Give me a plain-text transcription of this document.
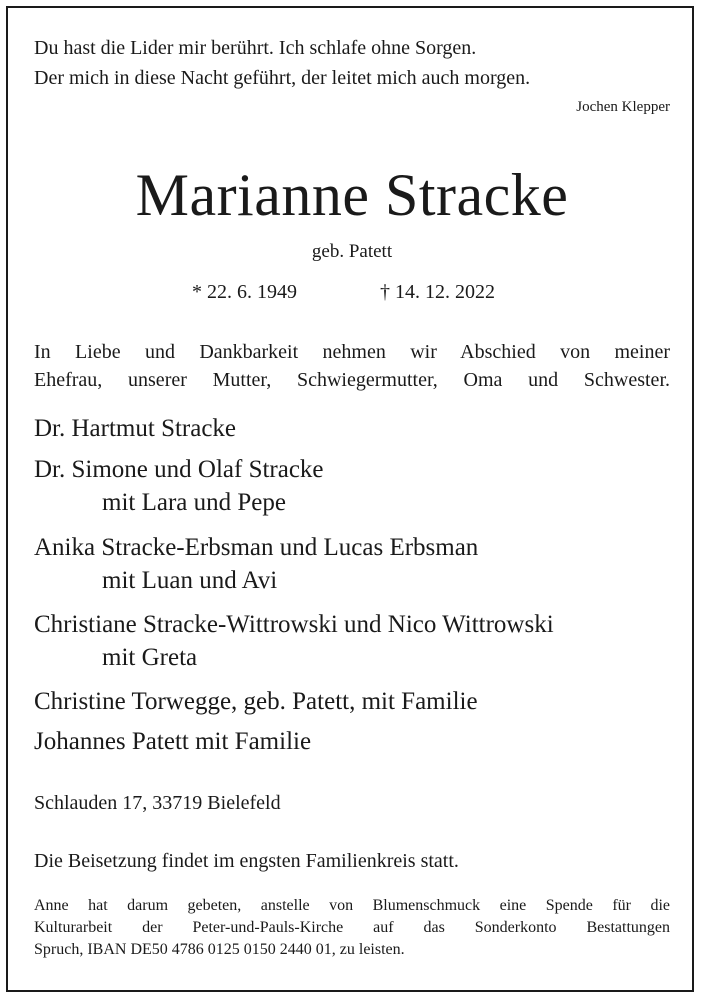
Du hast die Lider mir berührt. Ich schlafe ohne Sorgen.
Der mich in diese Nacht geführt, der leitet mich auch morgen.
Jochen Klepper
Marianne Stracke
geb. Patett
* 22. 6. 1949	† 14. 12. 2022
In Liebe und Dankbarkeit nehmen wir Abschied von meiner
Ehefrau, unserer Mutter, Schwiegermutter, Oma und Schwester.
Dr. Hartmut Stracke
Dr. Simone und Olaf Stracke
mit Lara und Pepe
Anika Stracke-Erbsman und Lucas Erbsman
mit Luan und Avi
Christiane Stracke-Wittrowski und Nico Wittrowski
mit Greta
Christine Torwegge, geb. Patett, mit Familie
Johannes Patett mit Familie
Schlauden 17, 33719 Bielefeld
Die Beisetzung findet im engsten Familienkreis statt.
Anne hat darum gebeten, anstelle von Blumenschmuck eine Spende für die
Kulturarbeit der Peter-und-Pauls-Kirche auf das Sonderkonto Bestattungen
Spruch, IBAN DE50 4786 0125 0150 2440 01, zu leisten.
